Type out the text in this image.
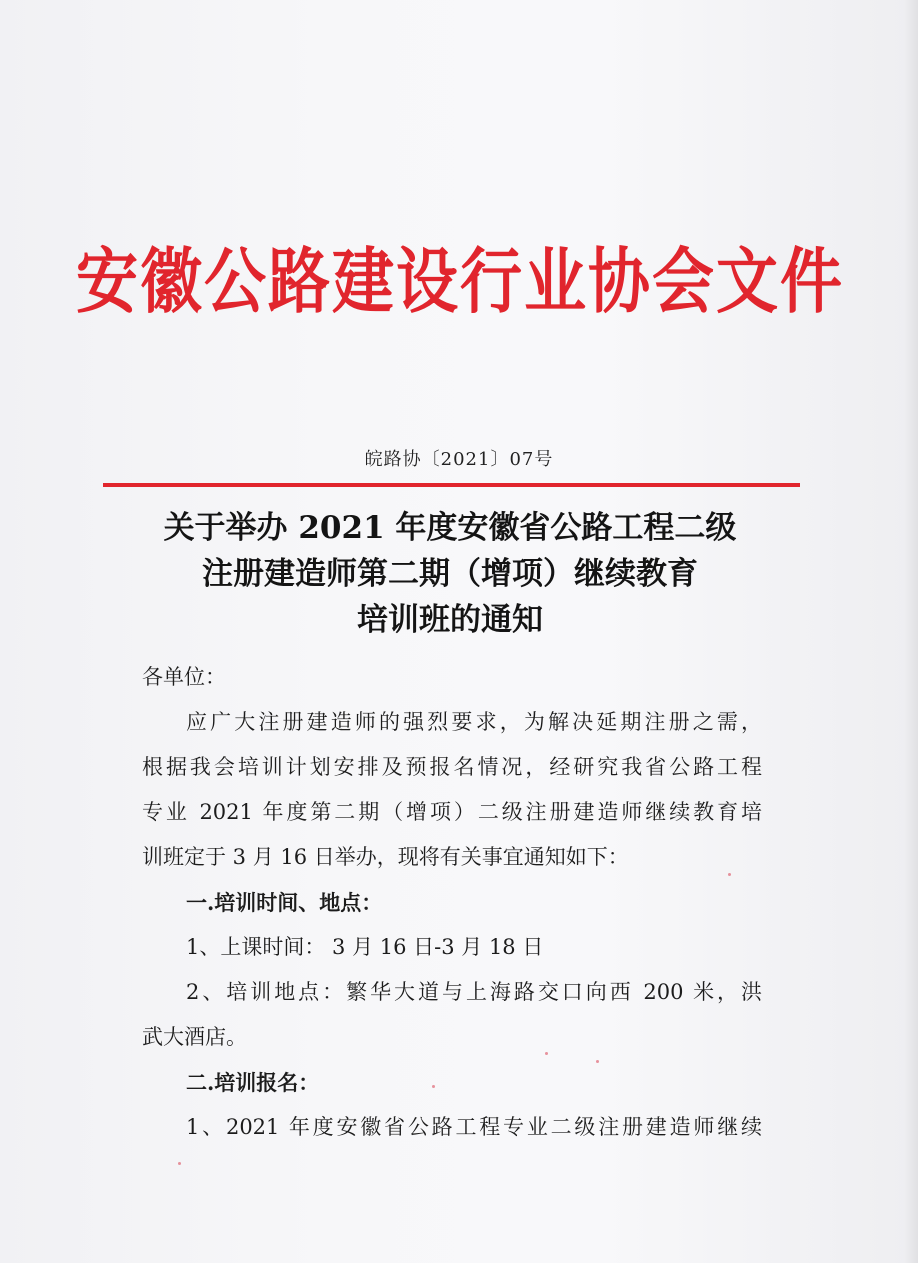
安徽公路建设行业协会文件
皖路协〔2021〕07号
关于举办 2021 年度安徽省公路工程二级
注册建造师第二期（增项）继续教育
培训班的通知
各单位：
应广大注册建造师的强烈要求，为解决延期注册之需，
根据我会培训计划安排及预报名情况，经研究我省公路工程
专业 2021 年度第二期（增项）二级注册建造师继续教育培
训班定于 3 月 16 日举办，现将有关事宜通知如下：
一.培训时间、地点：
1、上课时间： 3 月 16 日-3 月 18 日
2、培训地点：繁华大道与上海路交口向西 200 米，洪
武大酒店。
二.培训报名：
1、2021 年度安徽省公路工程专业二级注册建造师继续
